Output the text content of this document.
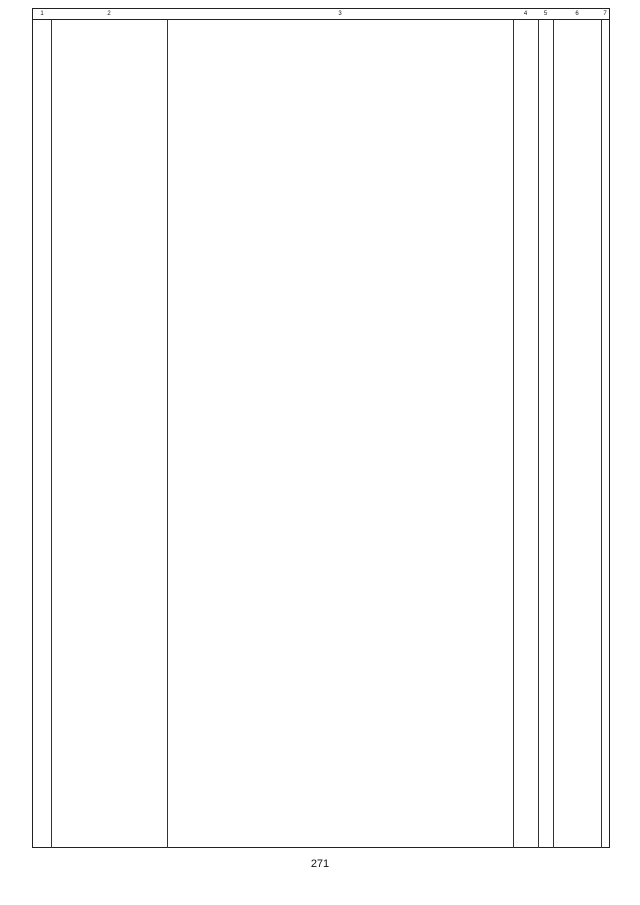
1	2	3	4	5	6	7
271
